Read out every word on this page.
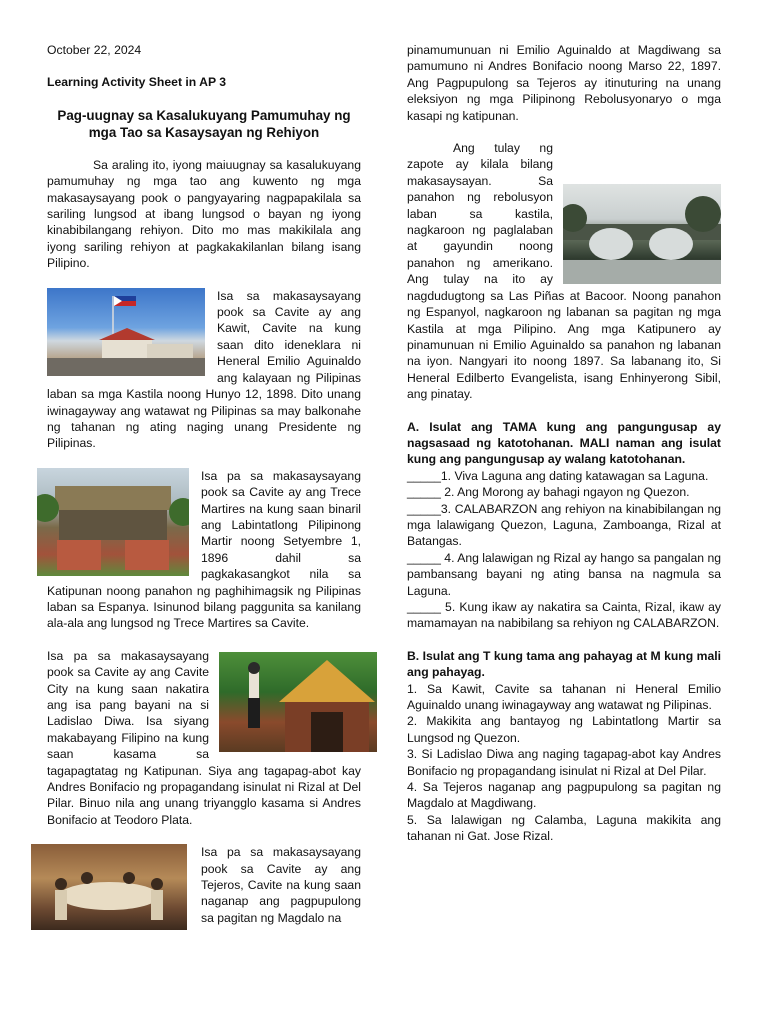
October 22, 2024
Learning Activity Sheet in AP 3
Pag-uugnay sa Kasalukuyang Pamumuhay ng mga Tao sa Kasaysayan ng Rehiyon

Sa araling ito, iyong maiuugnay sa kasalukuyang pamumuhay ng mga tao ang kuwento ng mga makasaysayang pook o pangyayaring nagpapakilala sa sariling lungsod at ibang lungsod o bayan ng iyong kinabibilangang rehiyon. Dito mo mas makikilala ang iyong sariling rehiyon at pagkakakilanlan bilang isang Pilipino.

Isa sa makasaysayang pook sa Cavite ay ang Kawit, Cavite na kung saan dito ideneklara ni Heneral Emilio Aguinaldo ang kalayaan ng Pilipinas laban sa mga Kastila noong Hunyo 12, 1898. Dito unang iwinagayway ang watawat ng Pilipinas sa may balkonahe ng tahanan ng ating naging unang Presidente ng Pilipinas.

Isa pa sa makasaysayang pook sa Cavite ay ang Trece Martires na kung saan binaril ang Labintatlong Pilipinong Martir noong Setyembre 1, 1896 dahil sa pagkakasangkot nila sa Katipunan noong panahon ng paghihimagsik ng Pilipinas laban sa Espanya. Isinunod bilang paggunita sa kanilang ala-ala ang lungsod ng Trece Martires sa Cavite.

Isa pa sa makasaysayang pook sa Cavite ay ang Cavite City na kung saan nakatira ang isa pang bayani na si Ladislao Diwa. Isa siyang makabayang Filipino na kung saan kasama sa tagapagtatag ng Katipunan. Siya ang tagapag-abot kay Andres Bonifacio ng propagandang isinulat ni Rizal at Del Pilar. Binuo nila ang unang triyangglo kasama si Andres Bonifacio at Teodoro Plata.

Isa pa sa makasaysayang pook sa Cavite ay ang Tejeros, Cavite na kung saan naganap ang pagpupulong sa pagitan ng Magdalo na

pinamumunuan ni Emilio Aguinaldo at Magdiwang sa pamumuno ni Andres Bonifacio noong Marso 22, 1897. Ang Pagpupulong sa Tejeros ay itinuturing na unang eleksiyon ng mga Pilipinong Rebolusyonaryo o mga kasapi ng katipunan.

Ang tulay ng zapote ay kilala bilang makasaysayan. Sa panahon ng rebolusyon laban sa kastila, nagkaroon ng paglalaban at gayundin noong panahon ng amerikano. Ang tulay na ito ay nagdudugtong sa Las Piñas at Bacoor. Noong panahon ng Espanyol, nagkaroon ng labanan sa pagitan ng mga Kastila at mga Pilipino. Ang mga Katipunero ay pinamunuan ni Emilio Aguinaldo sa panahon ng labanan na iyon. Nangyari ito noong 1897. Sa labanang ito, Si Heneral Edilberto Evangelista, isang Enhinyerong Sibil, ang pinatay.

A. Isulat ang TAMA kung ang pangungusap ay nagsasaad ng katotohanan. MALI naman ang isulat kung ang pangungusap ay walang katotohanan.

_____1. Viva Laguna ang dating katawagan sa Laguna.

_____ 2. Ang Morong ay bahagi ngayon ng Quezon.

_____3. CALABARZON ang rehiyon na kinabibilangan ng mga lalawigang Quezon, Laguna, Zamboanga, Rizal at Batangas.

_____ 4. Ang lalawigan ng Rizal ay hango sa pangalan ng pambansang bayani ng ating bansa na nagmula sa Laguna.

_____ 5. Kung ikaw ay nakatira sa Cainta, Rizal, ikaw ay mamamayan na nabibilang sa rehiyon ng CALABARZON.

B. Isulat ang T kung tama ang pahayag at M kung mali ang pahayag.

1. Sa Kawit, Cavite sa tahanan ni Heneral Emilio Aguinaldo unang iwinagayway ang watawat ng Pilipinas.

2. Makikita ang bantayog ng Labintatlong Martir sa Lungsod ng Quezon.

3. Si Ladislao Diwa ang naging tagapag-abot kay Andres Bonifacio ng propagandang isinulat ni Rizal at Del Pilar.

4. Sa Tejeros naganap ang pagpupulong sa pagitan ng Magdalo at Magdiwang.

5. Sa lalawigan ng Calamba, Laguna makikita ang tahanan ni Gat. Jose Rizal.
